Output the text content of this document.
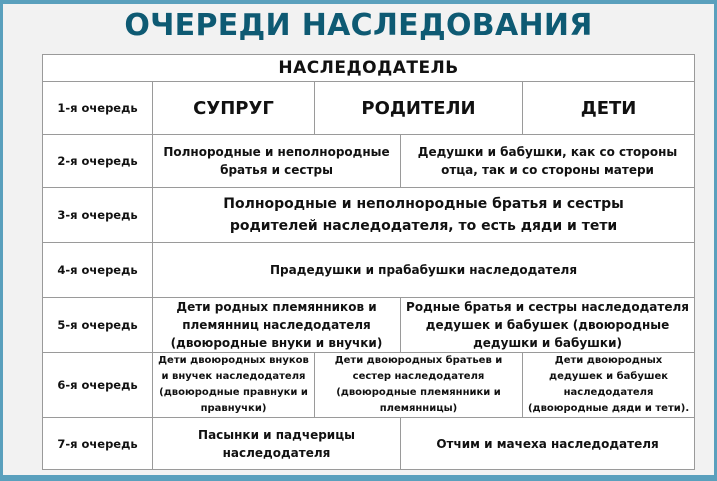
ОЧЕРЕДИ НАСЛЕДОВАНИЯ
НАСЛЕДОДАТЕЛЬ				
1-я очередь	СУПРУГ	РОДИТЕЛИ		ДЕТИ
2-я очередь	Полнородные и неполнородные братья и сестры		Дедушки и бабушки, как со стороны отца, так и со стороны матери	
3-я очередь	Полнородные и неполнородные братья и сестры родителей наследодателя, то есть дяди и тети			
4-я очередь	Прадедушки и прабабушки наследодателя			
5-я очередь	Дети родных племянников и племянниц наследодателя (двоюродные внуки и внучки)		Родные братья и сестры наследодателя дедушек и бабушек (двоюродные дедушки и бабушки)	
6-я очередь	Дети двоюродных внуков и внучек наследодателя (двоюродные правнуки и правнучки)	Дети двоюродных братьев и сестер наследодателя (двоюродные племянники и племянницы)		Дети двоюродных дедушек и бабушек наследодателя (двоюродные дяди и тети).
7-я очередь	Пасынки и падчерицы наследодателя		Отчим и мачеха наследодателя	
